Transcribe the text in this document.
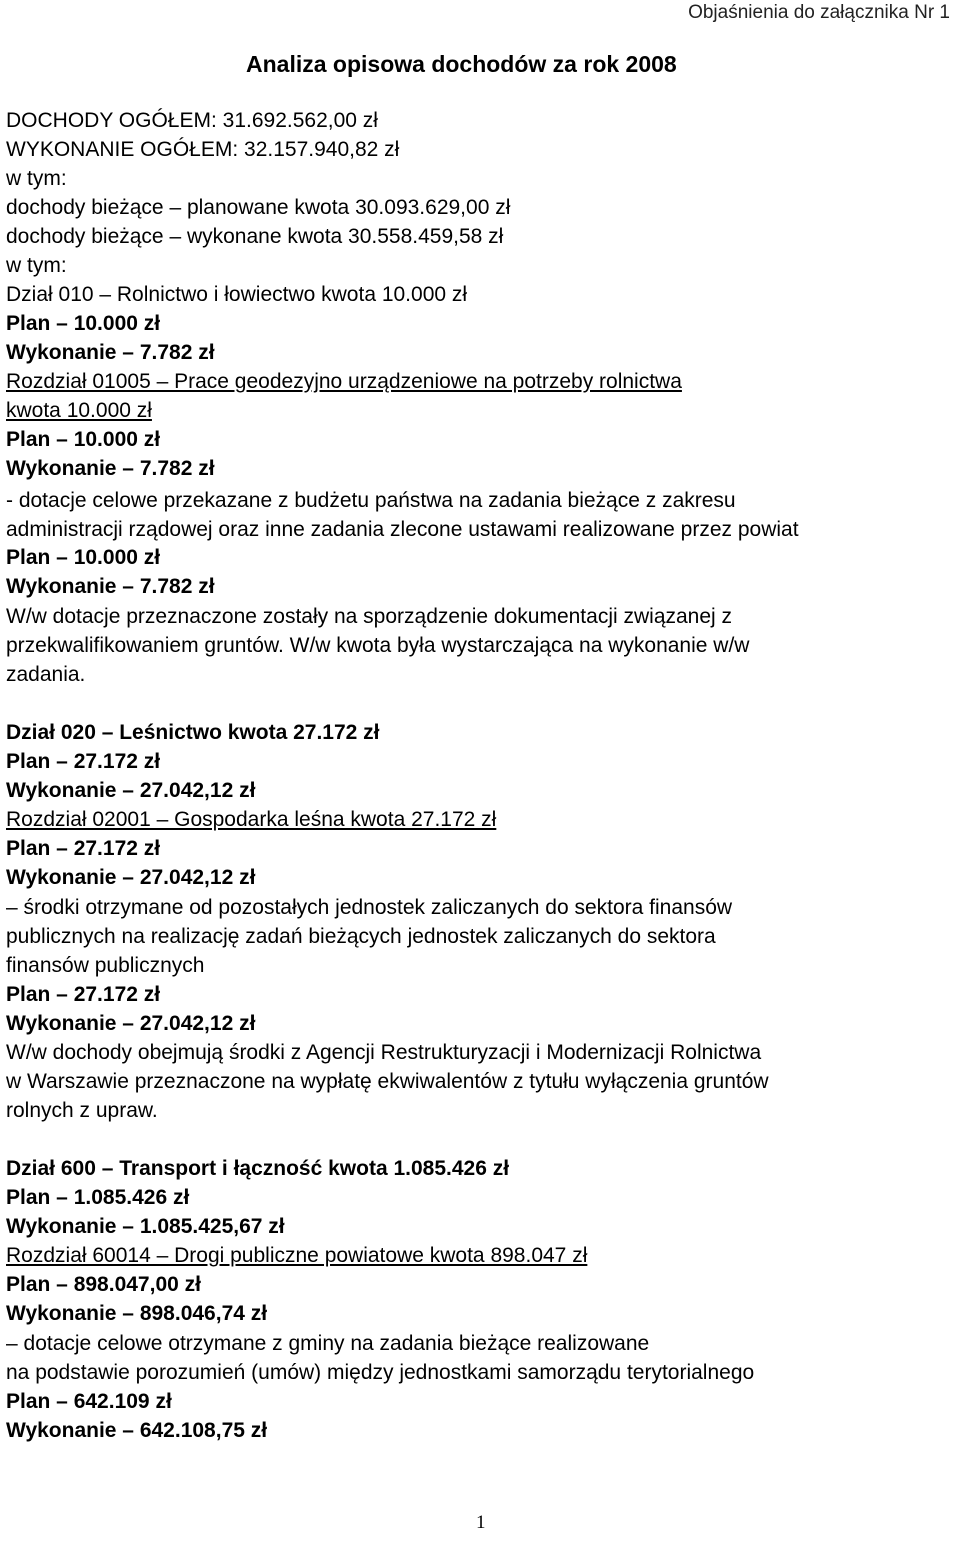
Objaśnienia do załącznika Nr 1
Analiza opisowa dochodów za rok 2008
DOCHODY OGÓŁEM: 31.692.562,00 zł
WYKONANIE OGÓŁEM: 32.157.940,82 zł
w tym:
dochody bieżące – planowane kwota 30.093.629,00 zł
dochody bieżące – wykonane kwota 30.558.459,58 zł
w tym:
Dział 010 – Rolnictwo i łowiectwo kwota 10.000 zł
Plan – 10.000 zł
Wykonanie – 7.782 zł
Rozdział 01005 – Prace geodezyjno urządzeniowe na potrzeby rolnictwa
kwota 10.000 zł
Plan – 10.000 zł
Wykonanie – 7.782 zł
- dotacje celowe przekazane z budżetu państwa na zadania bieżące z zakresu
administracji rządowej oraz inne zadania zlecone ustawami realizowane przez powiat
Plan – 10.000 zł
Wykonanie – 7.782 zł
W/w dotacje przeznaczone zostały na sporządzenie dokumentacji związanej z
przekwalifikowaniem gruntów. W/w kwota była wystarczająca na wykonanie w/w
zadania.
Dział 020 – Leśnictwo kwota 27.172 zł
Plan – 27.172 zł
Wykonanie – 27.042,12 zł
Rozdział 02001 – Gospodarka leśna kwota 27.172 zł
Plan – 27.172 zł
Wykonanie – 27.042,12 zł
– środki otrzymane od pozostałych jednostek zaliczanych do sektora finansów
publicznych na realizację zadań bieżących jednostek zaliczanych do sektora
finansów publicznych
Plan – 27.172 zł
Wykonanie – 27.042,12 zł
W/w dochody obejmują środki z Agencji Restrukturyzacji i Modernizacji Rolnictwa
w Warszawie przeznaczone na wypłatę ekwiwalentów z tytułu wyłączenia gruntów
rolnych z upraw.
Dział 600 – Transport i łączność kwota 1.085.426 zł
Plan – 1.085.426 zł
Wykonanie – 1.085.425,67 zł
Rozdział 60014 – Drogi publiczne powiatowe kwota 898.047 zł
Plan – 898.047,00 zł
Wykonanie – 898.046,74 zł
– dotacje celowe otrzymane z gminy na zadania bieżące realizowane
na podstawie porozumień (umów) między jednostkami samorządu terytorialnego
Plan – 642.109 zł
Wykonanie – 642.108,75 zł
1
